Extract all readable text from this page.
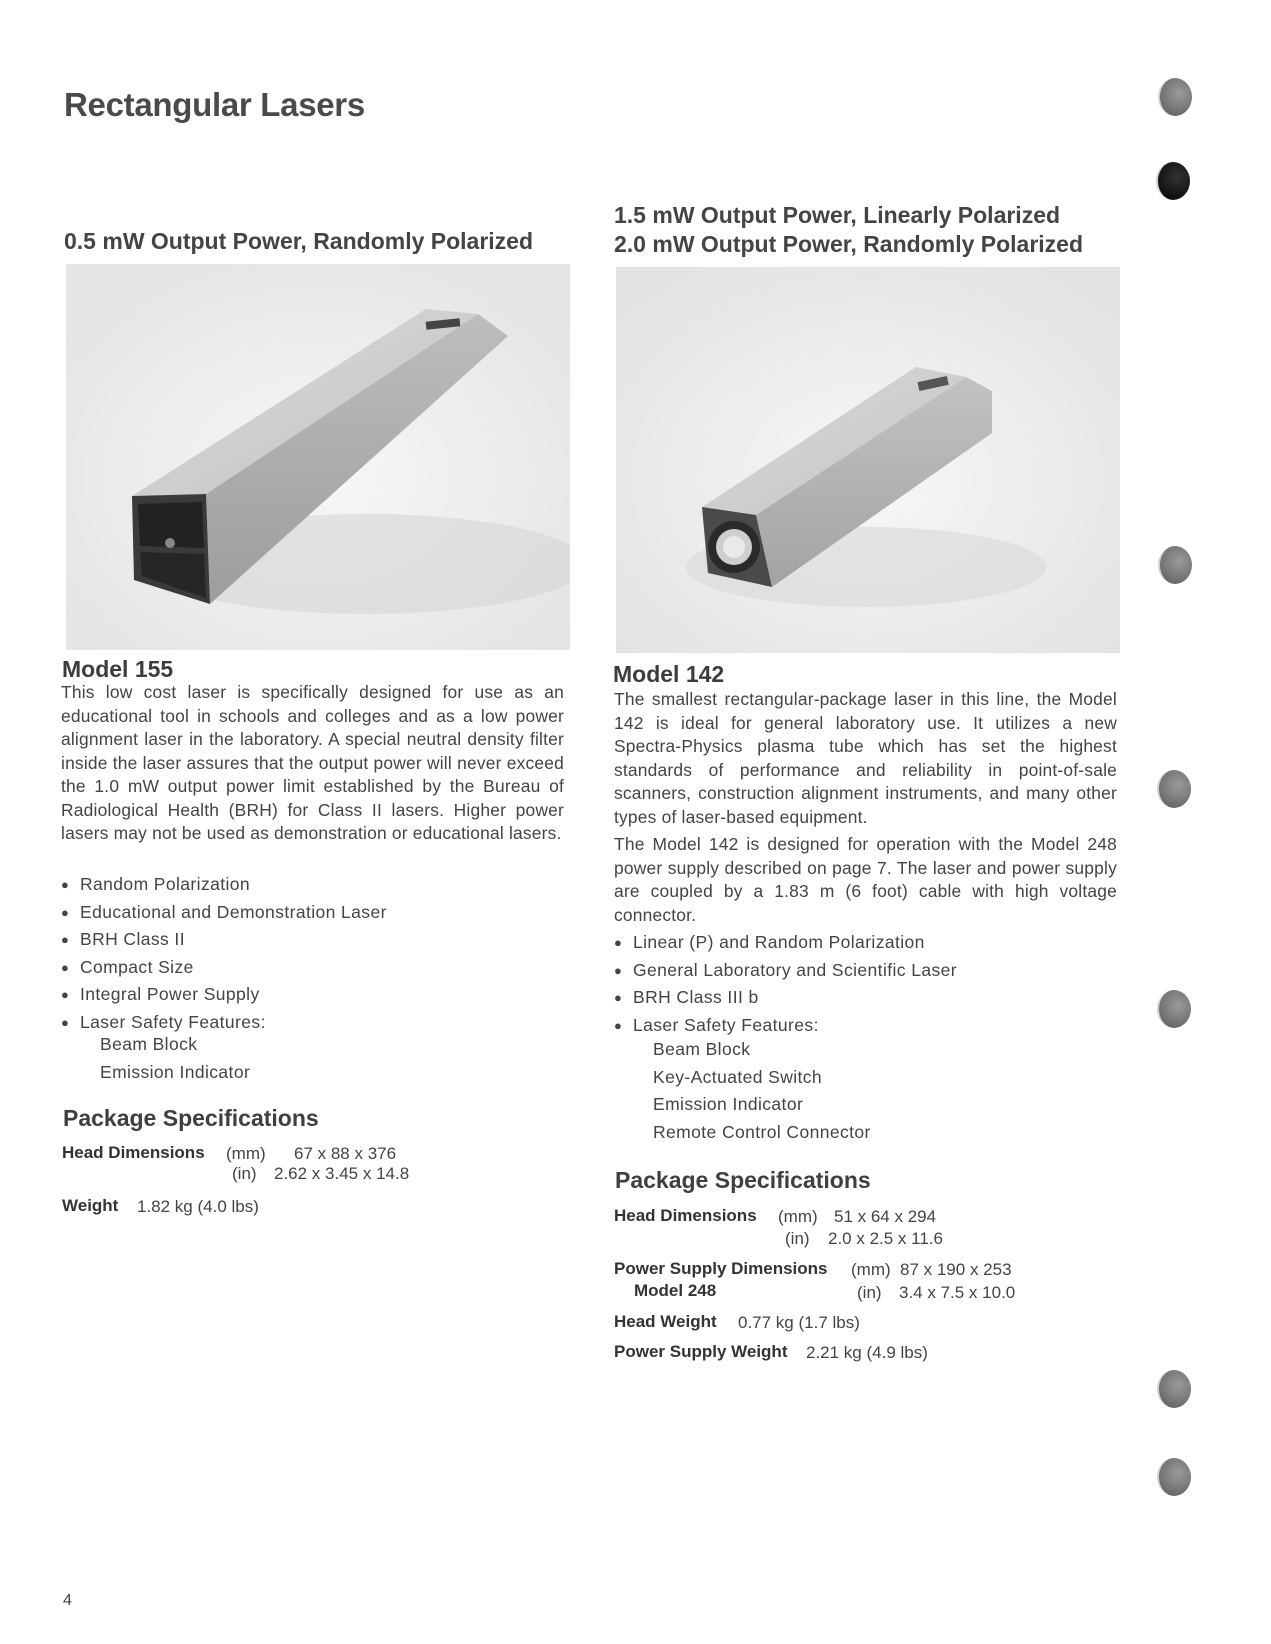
Rectangular Lasers
0.5 mW Output Power, Randomly Polarized
Model 155

This low cost laser is specifically designed for use as an educational tool in schools and colleges and as a low power alignment laser in the laboratory. A special neutral density filter inside the laser assures that the output power will never exceed the 1.0 mW output power limit established by the Bureau of Radiological Health (BRH) for Class II lasers. Higher power lasers may not be used as demonstration or educational lasers.

● Random Polarization
● Educational and Demonstration Laser
● BRH Class II
● Compact Size
● Integral Power Supply
● Laser Safety Features:
Beam Block
Emission Indicator
Package Specifications
Head Dimensions (mm) 67 x 88 x 376
(in) 2.62 x 3.45 x 14.8
Weight 1.82 kg (4.0 lbs)
1.5 mW Output Power, Linearly Polarized
2.0 mW Output Power, Randomly Polarized
Model 142

The smallest rectangular-package laser in this line, the Model 142 is ideal for general laboratory use. It utilizes a new Spectra-Physics plasma tube which has set the highest standards of performance and reliability in point-of-sale scanners, construction alignment instruments, and many other types of laser-based equipment.

The Model 142 is designed for operation with the Model 248 power supply described on page 7. The laser and power supply are coupled by a 1.83 m (6 foot) cable with high voltage connector.

● Linear (P) and Random Polarization
● General Laboratory and Scientific Laser
● BRH Class III b
● Laser Safety Features:
Beam Block
Key-Actuated Switch
Emission Indicator
Remote Control Connector
Package Specifications
Head Dimensions (mm) 51 x 64 x 294
(in) 2.0 x 2.5 x 11.6
Power Supply Dimensions
Model 248
(mm) 87 x 190 x 253
(in) 3.4 x 7.5 x 10.0
Head Weight 0.77 kg (1.7 lbs)
Power Supply Weight 2.21 kg (4.9 lbs)
4
